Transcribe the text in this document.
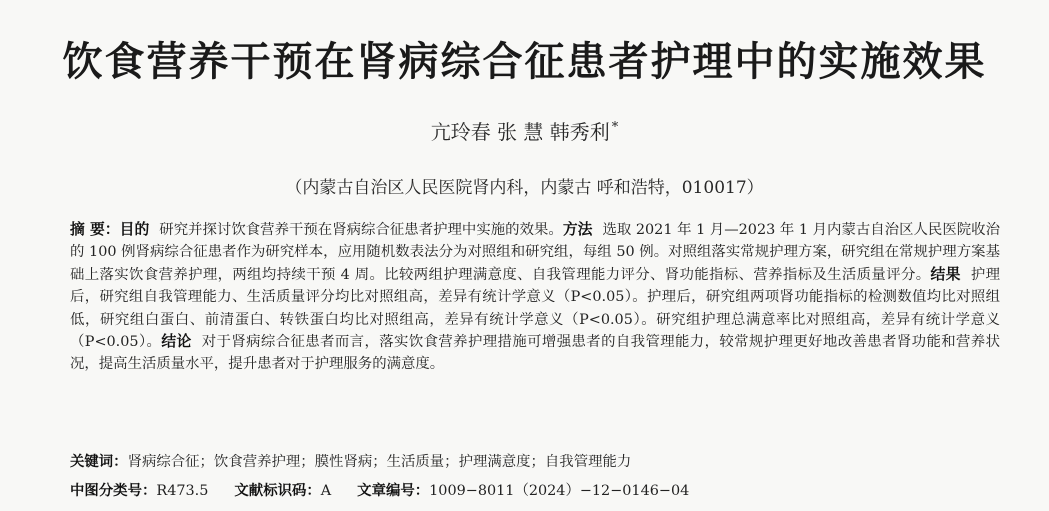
饮食营养干预在肾病综合征患者护理中的实施效果
亢玲春 张 慧 韩秀利 *
（内蒙古自治区人民医院肾内科，内蒙古 呼和浩特，010017）
摘 要：目的 研究并探讨饮食营养干预在肾病综合征患者护理中实施的效果。方法 选取 2021 年 1 月—2023 年 1 月内蒙古自治区人民医院收治的 100 例肾病综合征患者作为研究样本，应用随机数表法分为对照组和研究组，每组 50 例。对照组落实常规护理方案，研究组在常规护理方案基础上落实饮食营养护理，两组均持续干预 4 周。比较两组护理满意度、自我管理能力评分、肾功能指标、营养指标及生活质量评分。结果 护理后，研究组自我管理能力、生活质量评分均比对照组高，差异有统计学意义（P<0.05）。护理后，研究组两项肾功能指标的检测数值均比对照组低，研究组白蛋白、前清蛋白、转铁蛋白均比对照组高，差异有统计学意义（P<0.05）。研究组护理总满意率比对照组高，差异有统计学意义（P<0.05）。结论 对于肾病综合征患者而言，落实饮食营养护理措施可增强患者的自我管理能力，较常规护理更好地改善患者肾功能和营养状况，提高生活质量水平，提升患者对于护理服务的满意度。
关键词：肾病综合征；饮食营养护理；膜性肾病；生活质量；护理满意度；自我管理能力
中图分类号：R473.5 文献标识码：A 文章编号：1009−8011（2024）−12−0146−04
